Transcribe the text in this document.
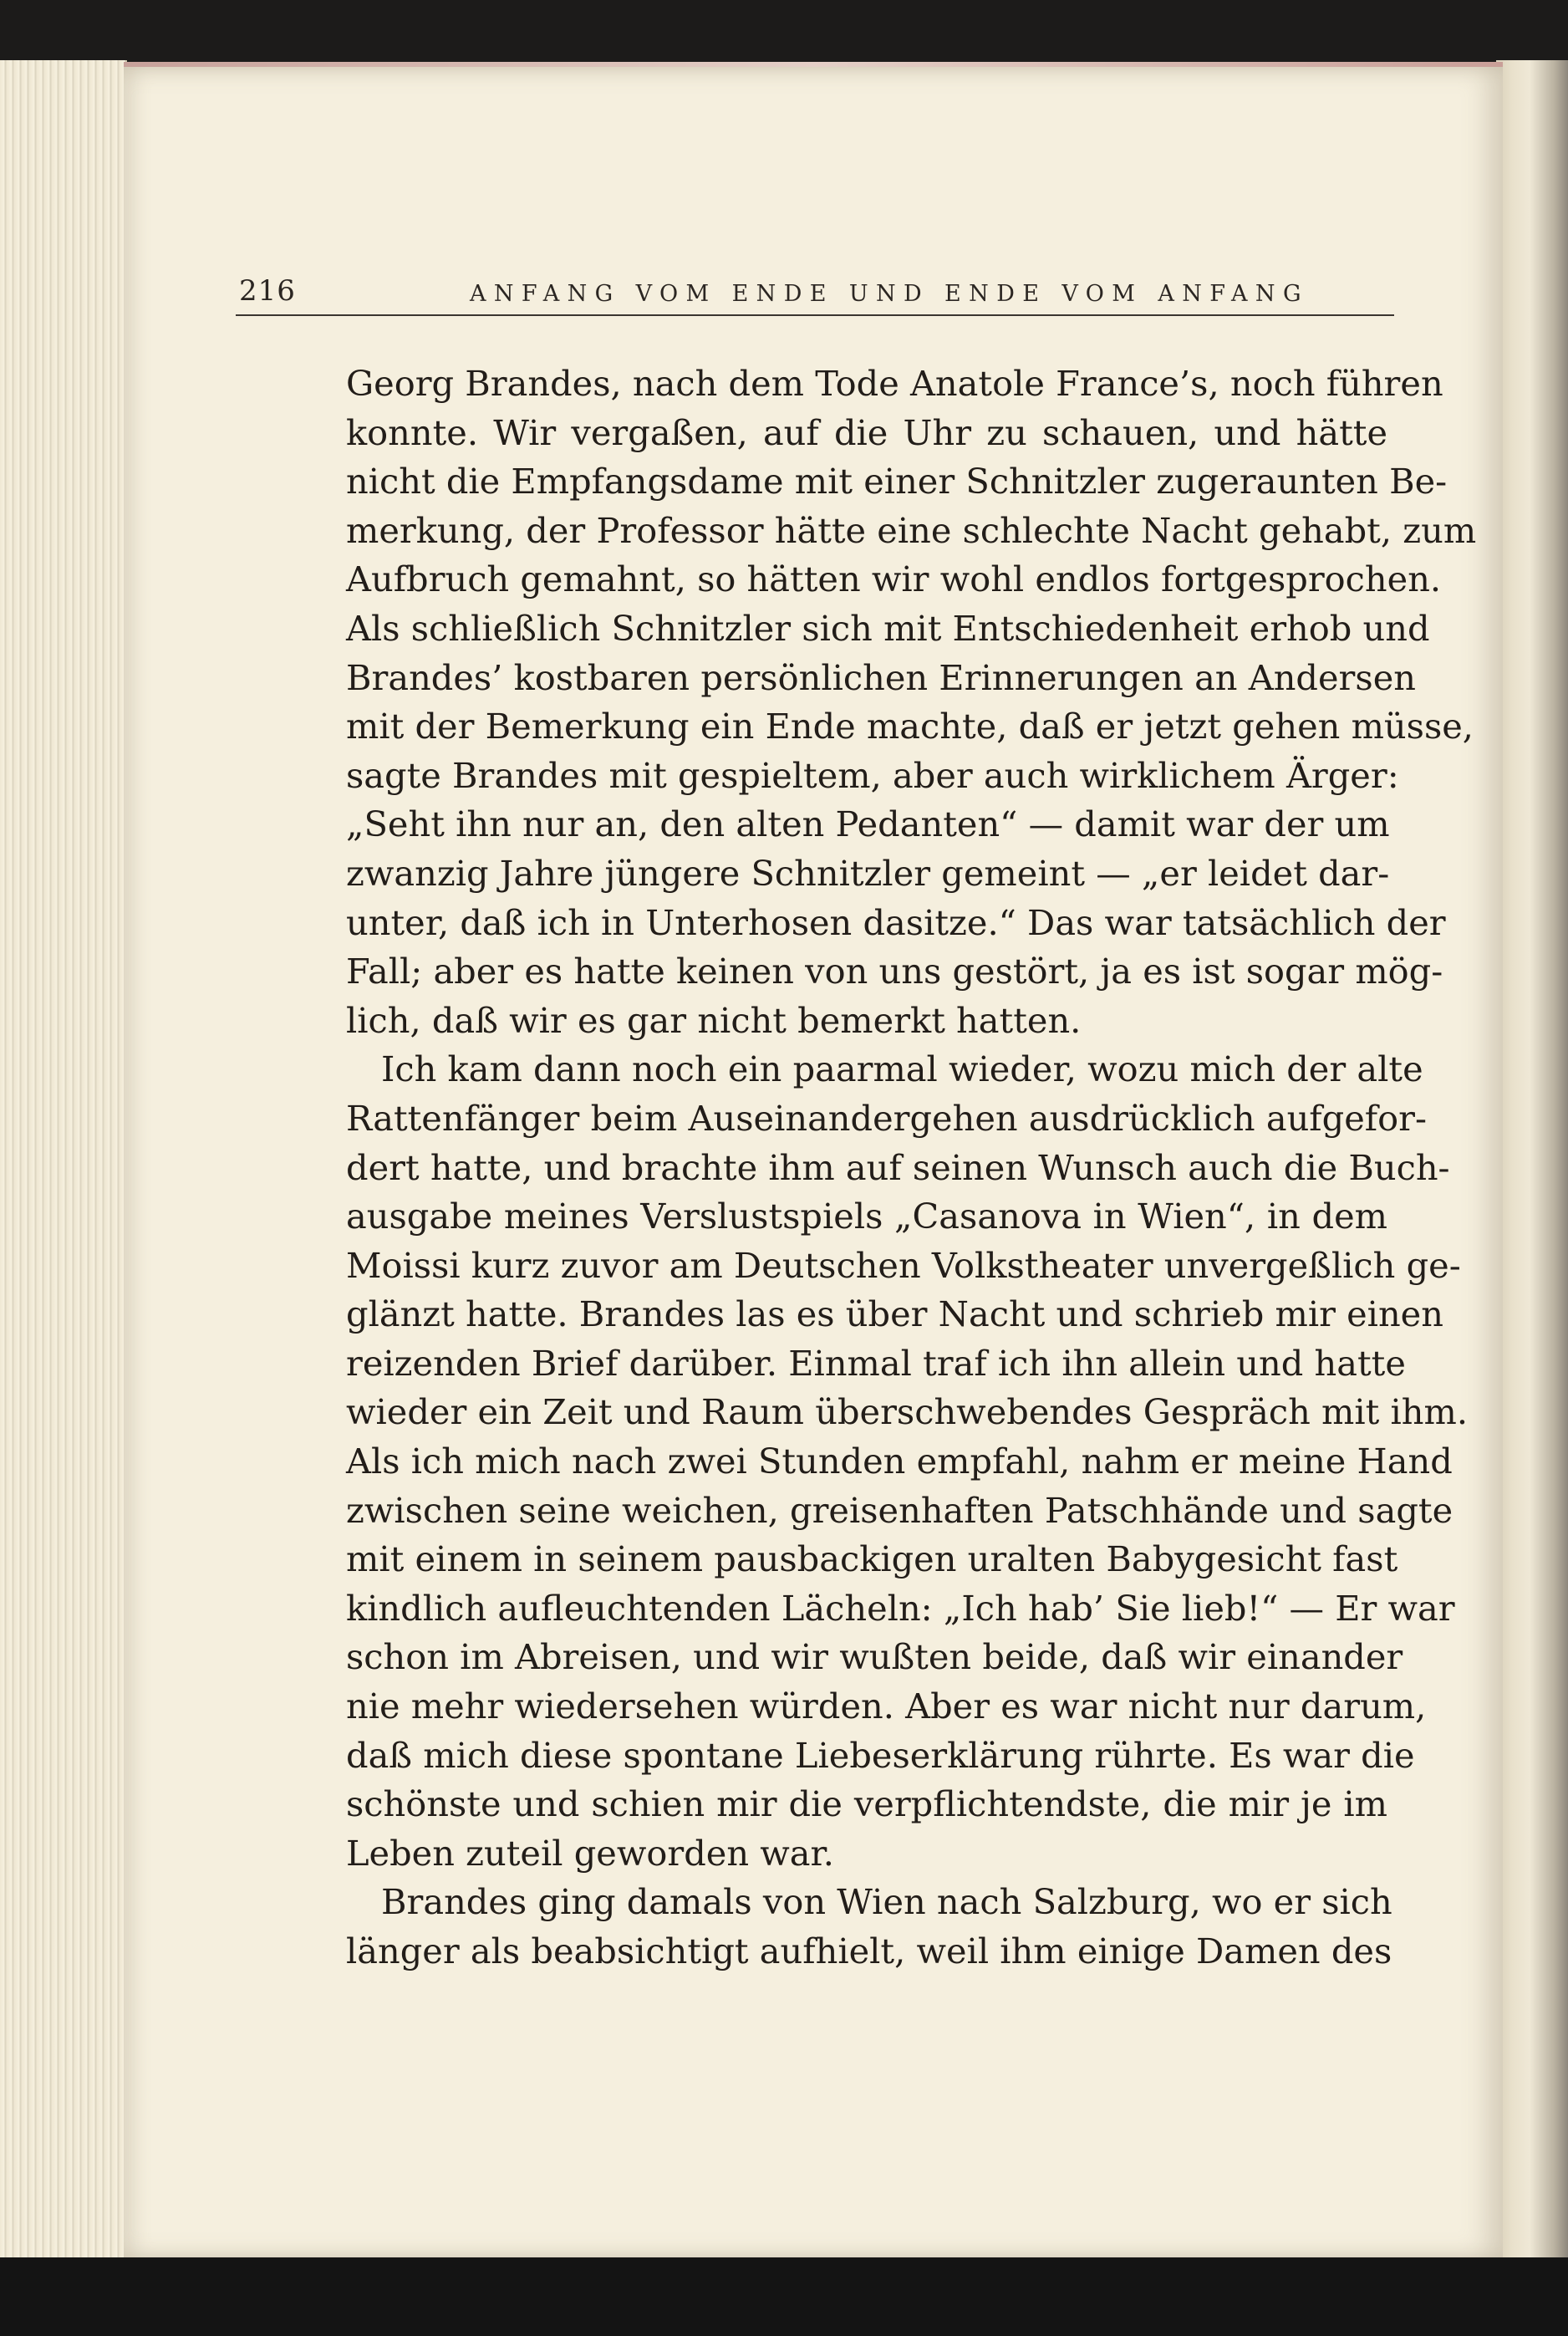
216	ANFANG VOM ENDE UND ENDE VOM ANFANG
Georg Brandes, nach dem Tode Anatole France’s, noch führen
konnte. Wir vergaßen, auf die Uhr zu schauen, und hätte
nicht die Empfangsdame mit einer Schnitzler zugeraunten Be-
merkung, der Professor hätte eine schlechte Nacht gehabt, zum
Aufbruch gemahnt, so hätten wir wohl endlos fortgesprochen.
Als schließlich Schnitzler sich mit Entschiedenheit erhob und
Brandes’ kostbaren persönlichen Erinnerungen an Andersen
mit der Bemerkung ein Ende machte, daß er jetzt gehen müsse,
sagte Brandes mit gespieltem, aber auch wirklichem Ärger:
„Seht ihn nur an, den alten Pedanten“ — damit war der um
zwanzig Jahre jüngere Schnitzler gemeint — „er leidet dar-
unter, daß ich in Unterhosen dasitze.“ Das war tatsächlich der
Fall; aber es hatte keinen von uns gestört, ja es ist sogar mög-
lich, daß wir es gar nicht bemerkt hatten.
Ich kam dann noch ein paarmal wieder, wozu mich der alte
Rattenfänger beim Auseinandergehen ausdrücklich aufgefor-
dert hatte, und brachte ihm auf seinen Wunsch auch die Buch-
ausgabe meines Verslustspiels „Casanova in Wien“, in dem
Moissi kurz zuvor am Deutschen Volkstheater unvergeßlich ge-
glänzt hatte. Brandes las es über Nacht und schrieb mir einen
reizenden Brief darüber. Einmal traf ich ihn allein und hatte
wieder ein Zeit und Raum überschwebendes Gespräch mit ihm.
Als ich mich nach zwei Stunden empfahl, nahm er meine Hand
zwischen seine weichen, greisenhaften Patschhände und sagte
mit einem in seinem pausbackigen uralten Babygesicht fast
kindlich aufleuchtenden Lächeln: „Ich hab’ Sie lieb!“ — Er war
schon im Abreisen, und wir wußten beide, daß wir einander
nie mehr wiedersehen würden. Aber es war nicht nur darum,
daß mich diese spontane Liebeserklärung rührte. Es war die
schönste und schien mir die verpflichtendste, die mir je im
Leben zuteil geworden war.
Brandes ging damals von Wien nach Salzburg, wo er sich
länger als beabsichtigt aufhielt, weil ihm einige Damen des
